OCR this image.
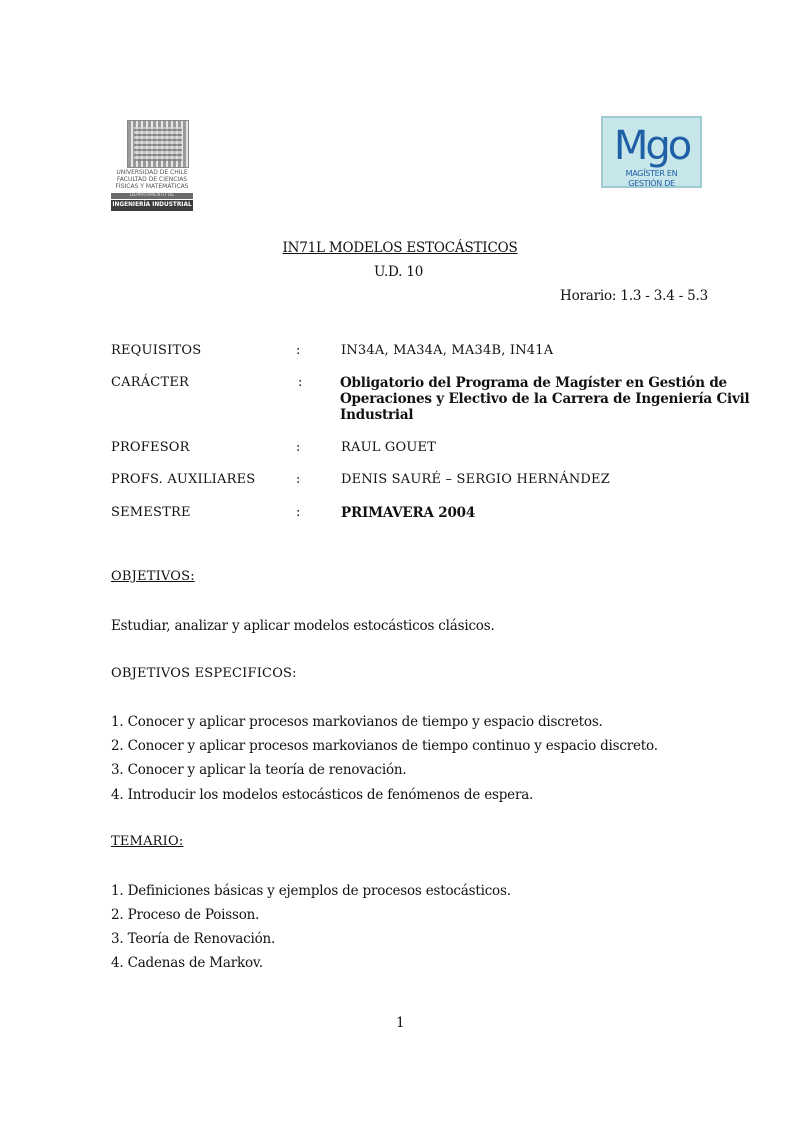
UNIVERSIDAD DE CHILE
FACULTAD DE CIENCIAS
FÍSICAS Y MATEMÁTICAS
DEPARTAMENTO DE
INGENIERÍA INDUSTRIAL
Mgo
MAGÍSTER EN
GESTIÓN DE
IN71L MODELOS ESTOCÁSTICOS
U.D. 10
Horario: 1.3 - 3.4 - 5.3
REQUISITOS	:	IN34A, MA34A, MA34B, IN41A
CARÁCTER	:	Obligatorio del Programa de Magíster en Gestión de
Operaciones y Electivo de la Carrera de Ingeniería Civil
Industrial
PROFESOR	:	RAUL GOUET
PROFS. AUXILIARES	:	DENIS SAURÉ – SERGIO HERNÁNDEZ
SEMESTRE	:	PRIMAVERA 2004
OBJETIVOS:
Estudiar, analizar y aplicar modelos estocásticos clásicos.
OBJETIVOS ESPECIFICOS:
1. Conocer y aplicar procesos markovianos de tiempo y espacio discretos.
2. Conocer y aplicar procesos markovianos de tiempo continuo y espacio discreto.
3. Conocer y aplicar la teoría de renovación.
4. Introducir los modelos estocásticos de fenómenos de espera.
TEMARIO:
1. Definiciones básicas y ejemplos de procesos estocásticos.
2. Proceso de Poisson.
3. Teoría de Renovación.
4. Cadenas de Markov.
1
